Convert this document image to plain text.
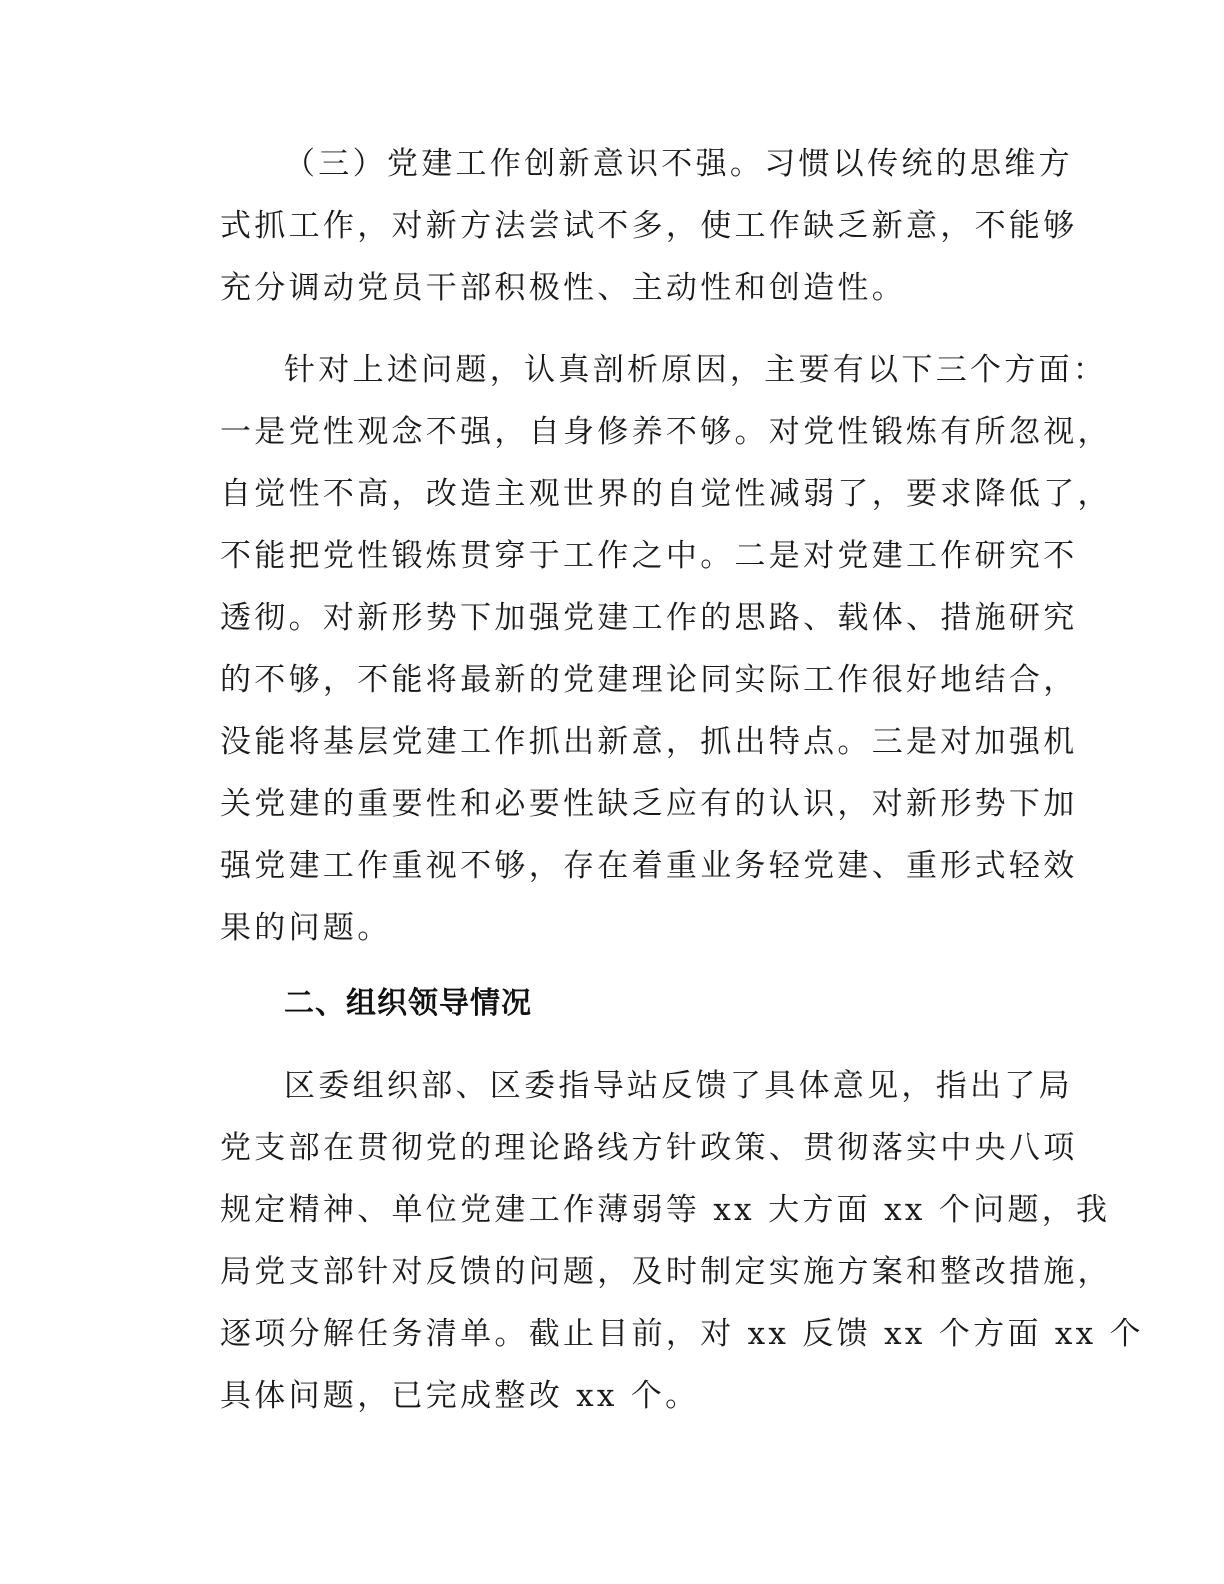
（三）党建工作创新意识不强。习惯以传统的思维方
式抓工作，对新方法尝试不多，使工作缺乏新意，不能够
充分调动党员干部积极性、主动性和创造性。
针对上述问题，认真剖析原因，主要有以下三个方面：
一是党性观念不强，自身修养不够。对党性锻炼有所忽视，
自觉性不高，改造主观世界的自觉性减弱了，要求降低了，
不能把党性锻炼贯穿于工作之中。二是对党建工作研究不
透彻。对新形势下加强党建工作的思路、载体、措施研究
的不够，不能将最新的党建理论同实际工作很好地结合，
没能将基层党建工作抓出新意，抓出特点。三是对加强机
关党建的重要性和必要性缺乏应有的认识，对新形势下加
强党建工作重视不够，存在着重业务轻党建、重形式轻效
果的问题。
二、组织领导情况
区委组织部、区委指导站反馈了具体意见，指出了局
党支部在贯彻党的理论路线方针政策、贯彻落实中央八项
规定精神、单位党建工作薄弱等 xx 大方面 xx 个问题，我
局党支部针对反馈的问题，及时制定实施方案和整改措施，
逐项分解任务清单。截止目前，对 xx 反馈 xx 个方面 xx 个
具体问题，已完成整改 xx 个。
